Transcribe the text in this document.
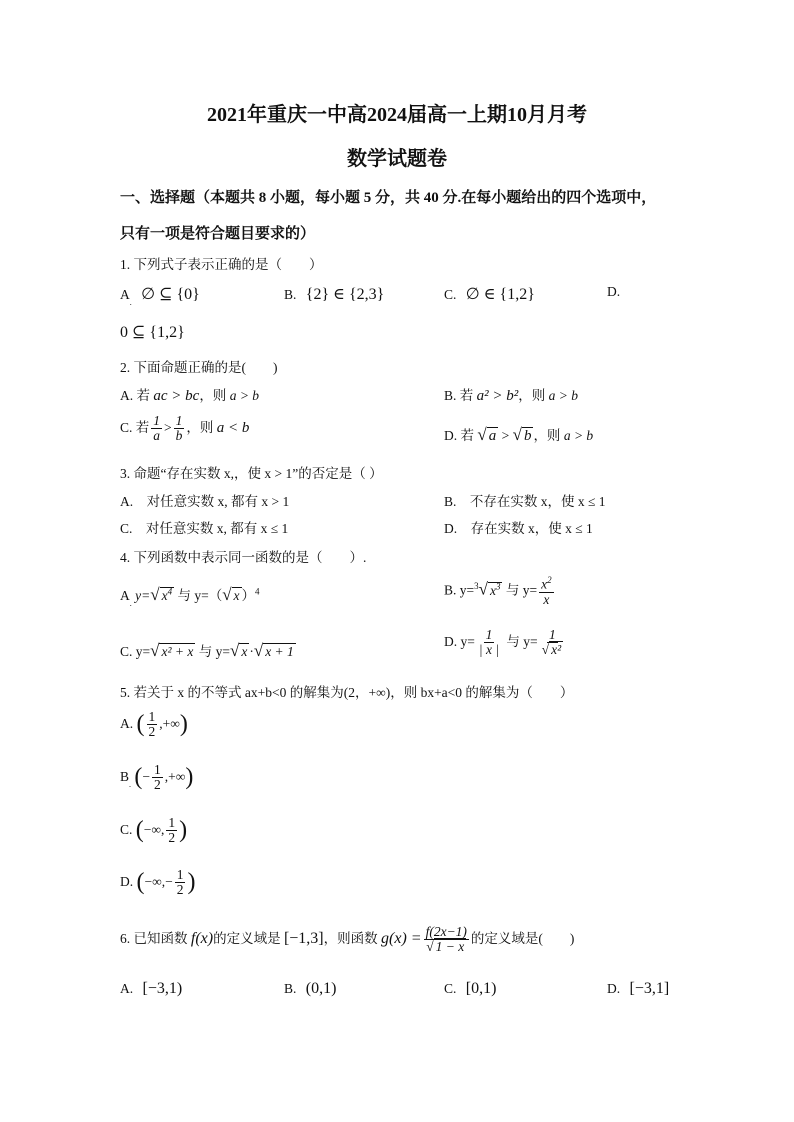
2021年重庆一中高2024届高一上期10月月考
数学试题卷
一、选择题（本题共 8 小题，每小题 5 分，共 40 分.在每小题给出的四个选项中，
只有一项是符合题目要求的）
1. 下列式子表示正确的是（　　）
$A_.$ ∅ ⊆ {0}	B. {2} ∈ {2,3}	C. ∅ ∈ {1,2}	D.
0 ⊆ {1,2}
2. 下面命题正确的是(　　)
A. 若 ac > bc，则 a > b	B. 若 a² > b²，则 a > b
C. 若 $\frac{1}{a} > \frac{1}{b}$ ，则 a < b	D. 若 √ a > √ b ，则 a > b
3. 命题“存在实数 x,，使 x > 1”的否定是（ ）
A.　对任意实数 x, 都有 x > 1	B.　不存在实数 x，使 x ≤ 1
C.　对任意实数 x, 都有 x ≤ 1	D.　存在实数 x，使 x ≤ 1
4. 下列函数中表示同一函数的是（　　）.
$A_.$ y=√ $x^4$ 与 y=（√ x ）$^4$	B. y=$^3$√ $x^3$ 与 $y= \frac{x^2}{x}$
C. y=√ x² + x 与 y=√ x ·√ x + 1
D. $y= \frac{1}{| x |}$ 与 $y= \frac{1}{\text{√ x²}}$
5. 若关于 x 的不等式 ax+b<0 的解集为(2，+∞)，则 bx+a<0 的解集为（　　）
A. ( $\frac{1}{2}$ ,+∞)
$B_.$ (− $\frac{1}{2}$ ,+∞)
C. (−∞, $\frac{1}{2}$ )
D. (−∞,− $\frac{1}{2}$ )
6. 已知函数 f(x)的定义域是 [−1,3]，则函数 $g(x) = \frac{f(2x-1)}{√ 1 - x}$ 的定义域是(　　)
A. [−3,1)	B. (0,1)	C. [0,1)	D. [−3,1]
